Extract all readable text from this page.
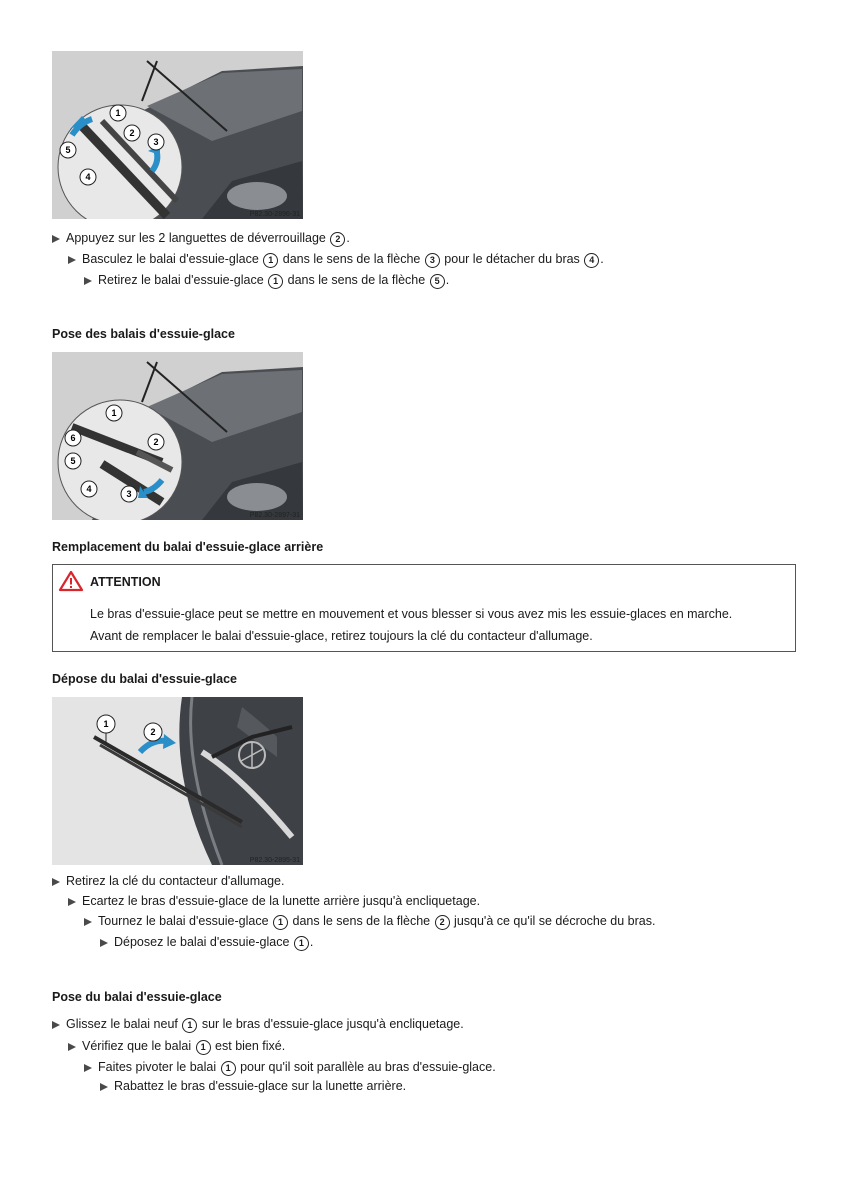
1
2
3
4
5
P82.30-2896-31
Appuyez sur les 2 languettes de déverrouillage 2 .
Basculez le balai d'essuie-glace 1 dans le sens de la flèche 3 pour le détacher du bras 4 .
Retirez le balai d'essuie-glace 1 dans le sens de la flèche 5 .
Pose des balais d'essuie-glace
1
2
3
4
5
6
P82.30-2897-31
Remplacement du balai d'essuie-glace arrière
ATTENTION
Le bras d'essuie-glace peut se mettre en mouvement et vous blesser si vous avez mis les essuie-glaces en marche.
Avant de remplacer le balai d'essuie-glace, retirez toujours la clé du contacteur d'allumage.
Dépose du balai d'essuie-glace
1
2
P82.30-2895-31
Retirez la clé du contacteur d'allumage.
Ecartez le bras d'essuie-glace de la lunette arrière jusqu'à encliquetage.
Tournez le balai d'essuie-glace 1 dans le sens de la flèche 2 jusqu'à ce qu'il se décroche du bras.
Déposez le balai d'essuie-glace 1 .
Pose du balai d'essuie-glace
Glissez le balai neuf 1 sur le bras d'essuie-glace jusqu'à encliquetage.
Vérifiez que le balai 1 est bien fixé.
Faites pivoter le balai 1 pour qu'il soit parallèle au bras d'essuie-glace.
Rabattez le bras d'essuie-glace sur la lunette arrière.
